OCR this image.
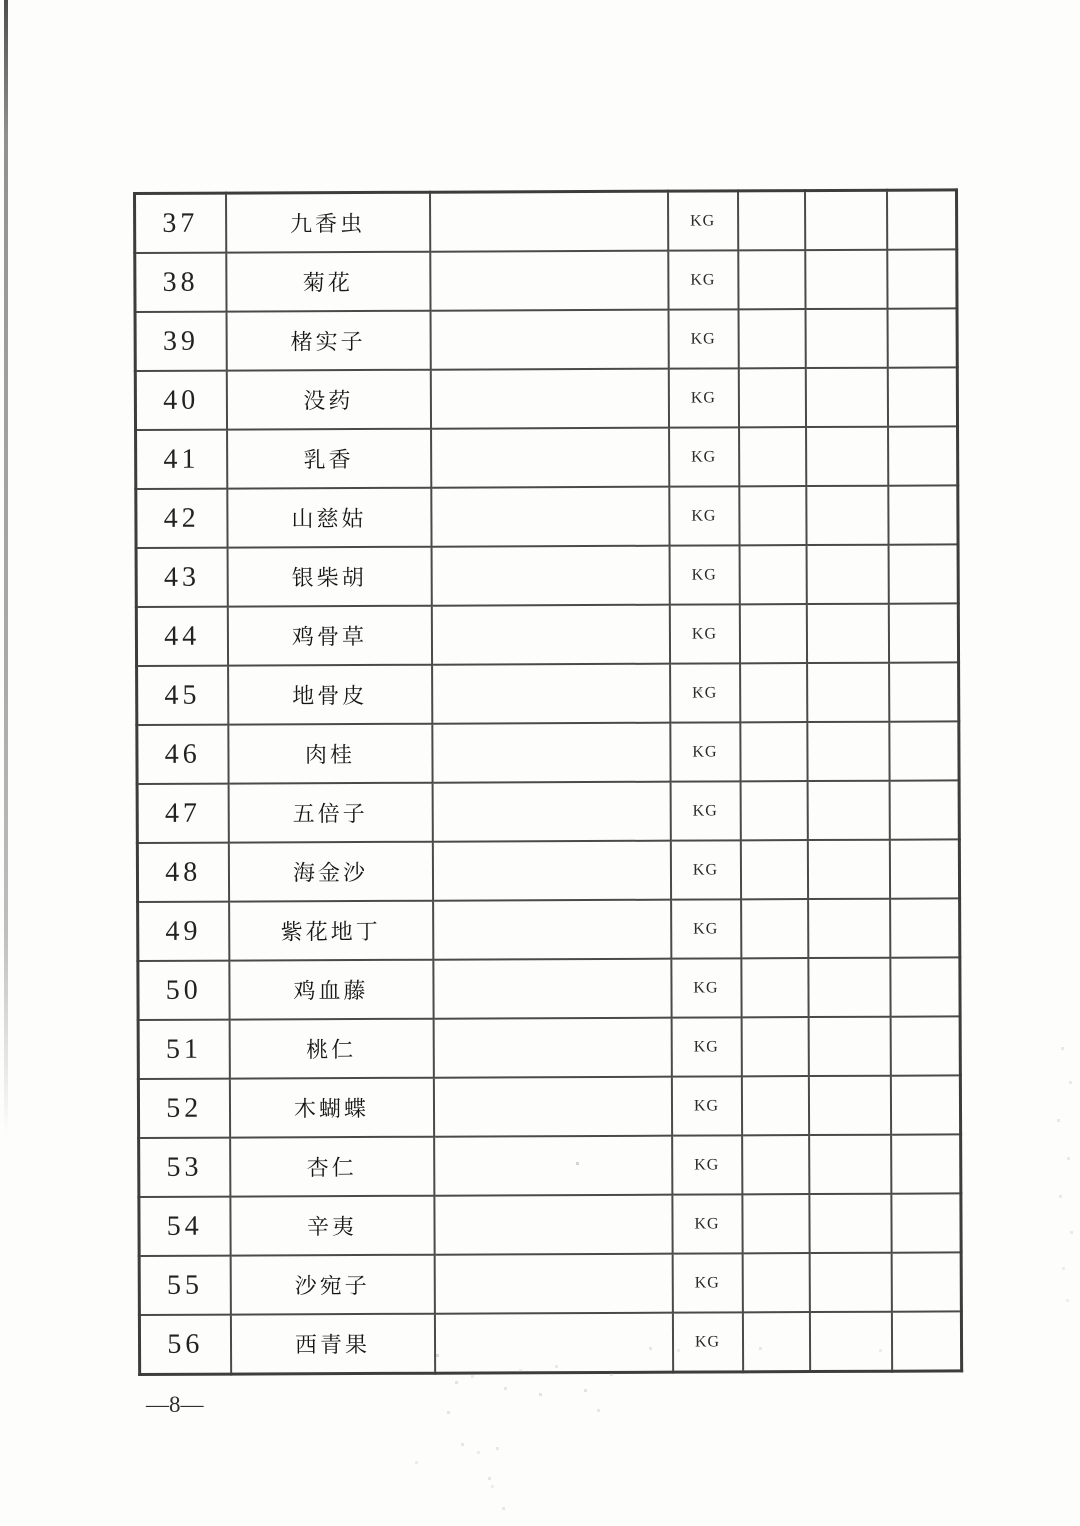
37	九香虫		KG			
38	菊花		KG			
39	楮实子		KG			
40	没药		KG			
41	乳香		KG			
42	山慈姑		KG			
43	银柴胡		KG			
44	鸡骨草		KG			
45	地骨皮		KG			
46	肉桂		KG			
47	五倍子		KG			
48	海金沙		KG			
49	紫花地丁		KG			
50	鸡血藤		KG			
51	桃仁		KG			
52	木蝴蝶		KG			
53	杏仁		KG			
54	辛夷		KG			
55	沙宛子		KG			
56	西青果		KG			
—8—
